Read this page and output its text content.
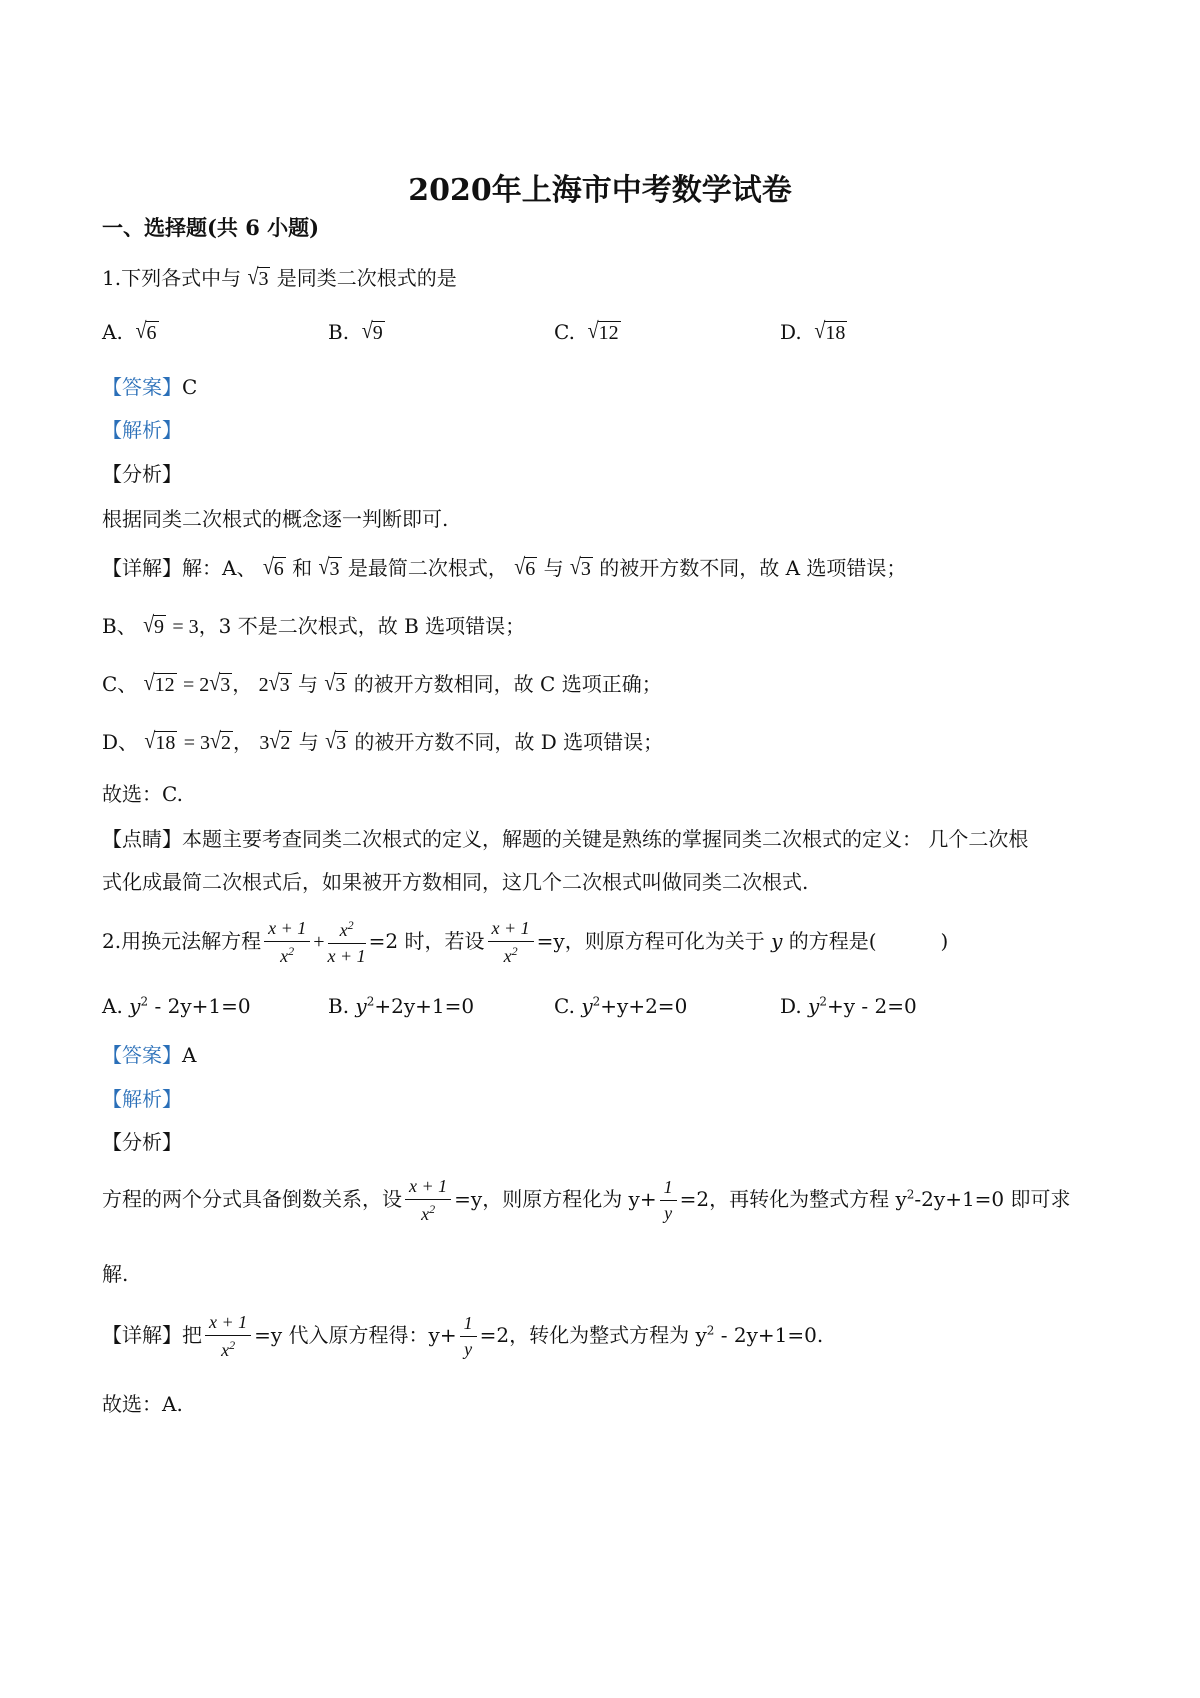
2020年上海市中考数学试卷
一、选择题(共 6 小题)
1.下列各式中与 √3 是同类二次根式的是
A. √6	B. √9	C. √12	D. √18
【答案】C
【解析】
【分析】
根据同类二次根式的概念逐一判断即可.
【详解】解：A、 √6 和 √3 是最简二次根式， √6 与 √3 的被开方数不同，故 A 选项错误；
B、 √9 = 3，3 不是二次根式，故 B 选项错误；
C、 √12 = 2√3 ， 2√3 与 √3 的被开方数相同，故 C 选项正确；
D、 √18 = 3√2 ， 3√2 与 √3 的被开方数不同，故 D 选项错误；
故选：C.
【点睛】本题主要考查同类二次根式的定义，解题的关键是熟练的掌握同类二次根式的定义： 几个二次根
式化成最简二次根式后，如果被开方数相同，这几个二次根式叫做同类二次根式.
2.用换元法解方程 $\frac{x + 1}{x^2} + \frac{x^2}{x + 1} =2$ 时，若设 $\frac{x + 1}{x^2} =y$，则原方程可化为关于 y 的方程是(	)
A. $y^2 - 2y+1=0$	B. $y^2+2y+1=0$	C. $y^2+y+2=0$	D. $y^2+y - 2=0$
【答案】A
【解析】
【分析】
方程的两个分式具备倒数关系，设 $\frac{x + 1}{x^2} =y$，则原方程化为 $y+ \frac{1}{y} =2$，再转化为整式方程 $y^2-2y+1=0$ 即可求
解.
【详解】把 $\frac{x + 1}{x^2} =y$ 代入原方程得：$y+ \frac{1}{y} =2$，转化为整式方程为 $y^2 - 2y+1=0$.
故选：A.
